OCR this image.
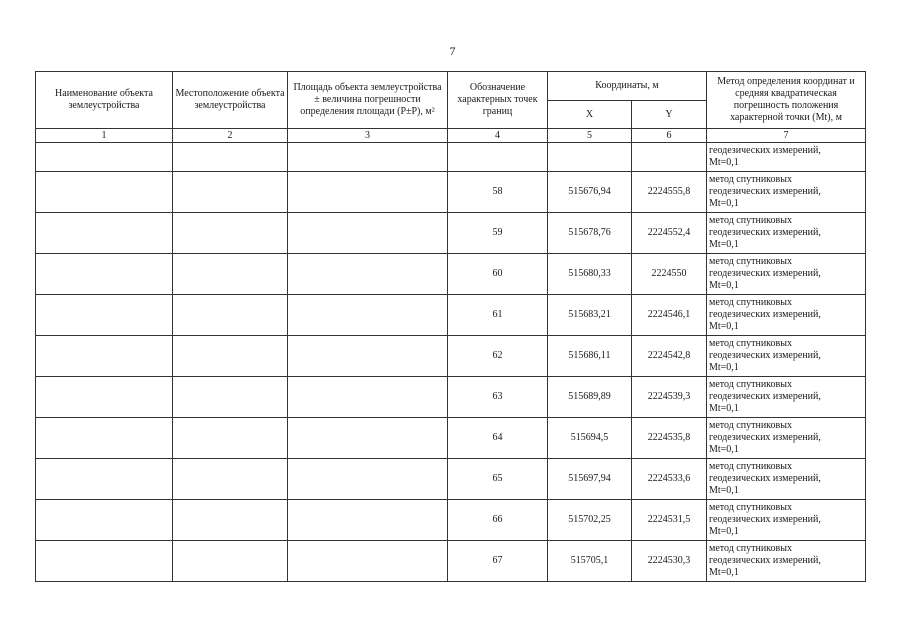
7
Наименование объекта землеустройства	Местоположение объекта землеустройства	Площадь объекта землеустройства ± величина погрешности определения площади (P±P), м²	Обозначение характерных точек границ	Координаты, м		Метод определения координат и средняя квадратическая погрешность положения характерной точки (Mt), м
				X	Y	
1	2	3	4	5	6	7

						геодезических измерений,
Mt=0,1

			58	515676,94	2224555,8	метод спутниковых
геодезических измерений,
Mt=0,1

			59	515678,76	2224552,4	метод спутниковых
геодезических измерений,
Mt=0,1

			60	515680,33	2224550	метод спутниковых
геодезических измерений,
Mt=0,1

			61	515683,21	2224546,1	метод спутниковых
геодезических измерений,
Mt=0,1

			62	515686,11	2224542,8	метод спутниковых
геодезических измерений,
Mt=0,1

			63	515689,89	2224539,3	метод спутниковых
геодезических измерений,
Mt=0,1

			64	515694,5	2224535,8	метод спутниковых
геодезических измерений,
Mt=0,1

			65	515697,94	2224533,6	метод спутниковых
геодезических измерений,
Mt=0,1

			66	515702,25	2224531,5	метод спутниковых
геодезических измерений,
Mt=0,1

			67	515705,1	2224530,3	метод спутниковых
геодезических измерений,
Mt=0,1
